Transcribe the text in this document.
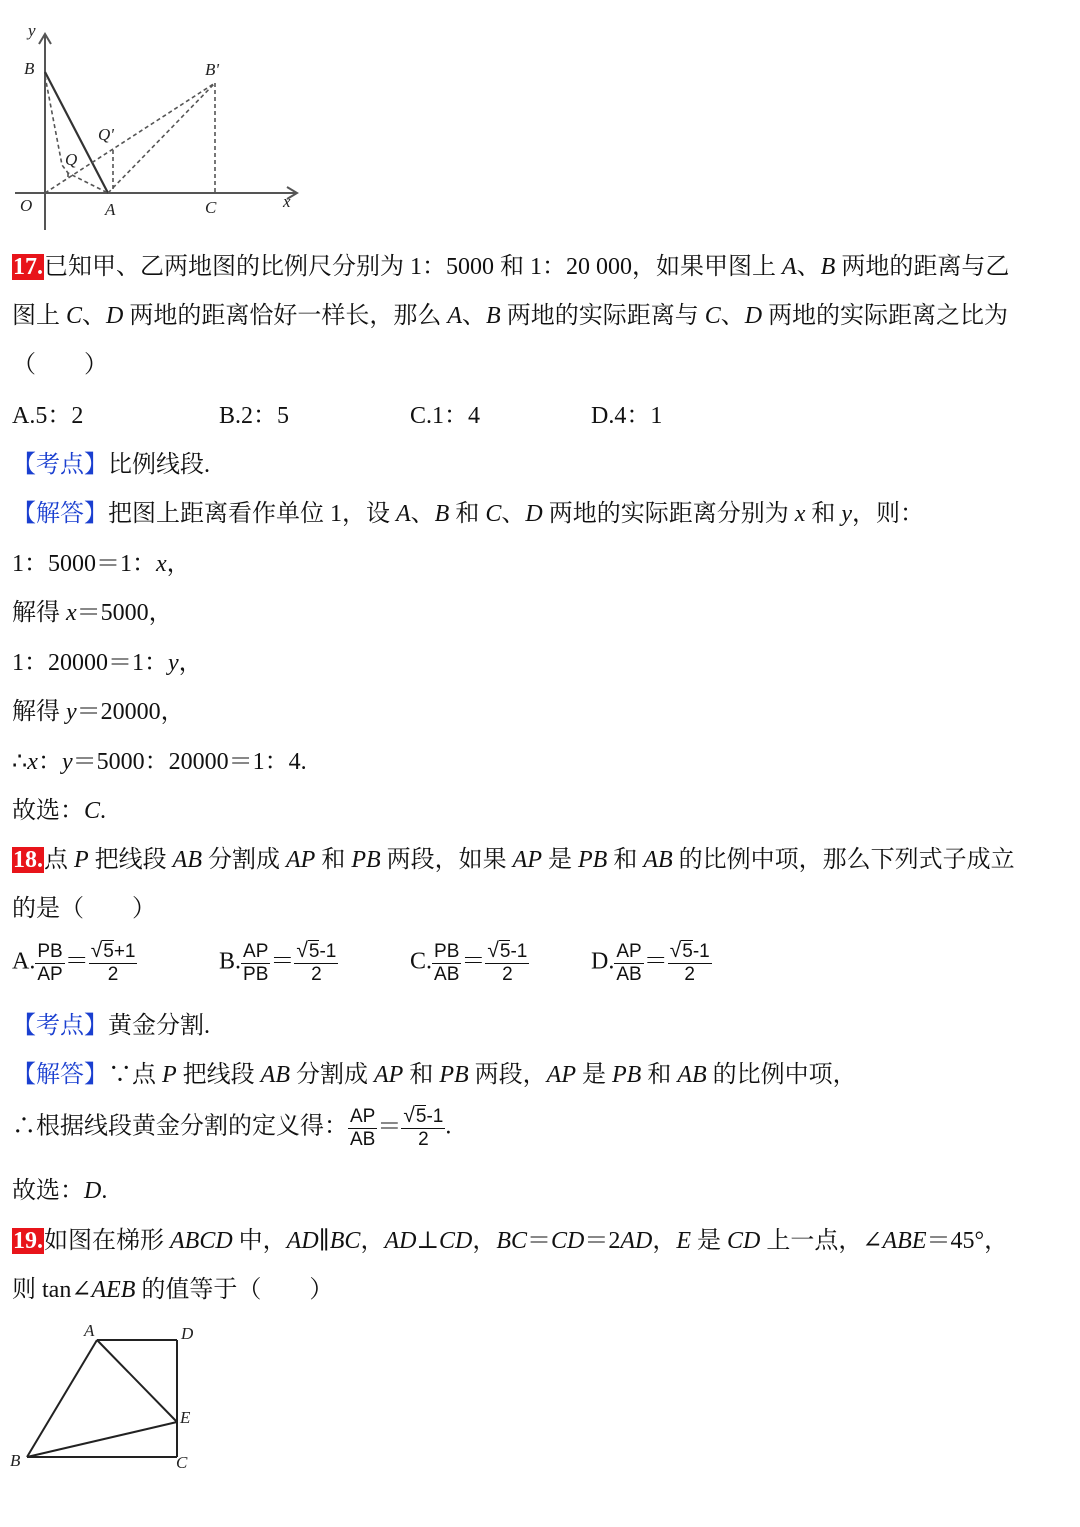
y
B	B'
Q'
Q
O	A	C	x
17.已知甲、乙两地图的比例尺分别为 1：5000 和 1：20 000，如果甲图上 A、B 两地的距离与乙
图上 C、D 两地的距离恰好一样长，那么 A、B 两地的实际距离与 C、D 两地的实际距离之比为
（　　）
A.5：2	B.2：5	C.1：4	D.4：1
【考点】比例线段.
【解答】把图上距离看作单位 1，设 A、B 和 C、D 两地的实际距离分别为 x 和 y，则：
1：5000＝1：x，
解得 x＝5000，
1：20000＝1：y，
解得 y＝20000，
∴x：y＝5000：20000＝1：4.
故选：C.
18.点 P 把线段 AB 分割成 AP 和 PB 两段，如果 AP 是 PB 和 AB 的比例中项，那么下列式子成立
的是（　　）
A. $\frac{PB}{AP} = \frac{√5+1}{2}$	B. $\frac{AP}{PB} = \frac{√5-1}{2}$	C. $\frac{PB}{AB} = \frac{√5-1}{2}$	D. $\frac{AP}{AB} = \frac{√5-1}{2}$
【考点】黄金分割.
【解答】∵点 P 把线段 AB 分割成 AP 和 PB 两段，AP 是 PB 和 AB 的比例中项，
∴根据线段黄金分割的定义得： $\frac{AP}{AB} = \frac{√5-1}{2}$ .
故选：D.
19.如图在梯形 ABCD 中，AD∥BC，AD⊥CD，BC＝CD＝2AD，E 是 CD 上一点，∠ABE＝45°，
则 tan∠AEB 的值等于（　　）
A	D
E
B	C
